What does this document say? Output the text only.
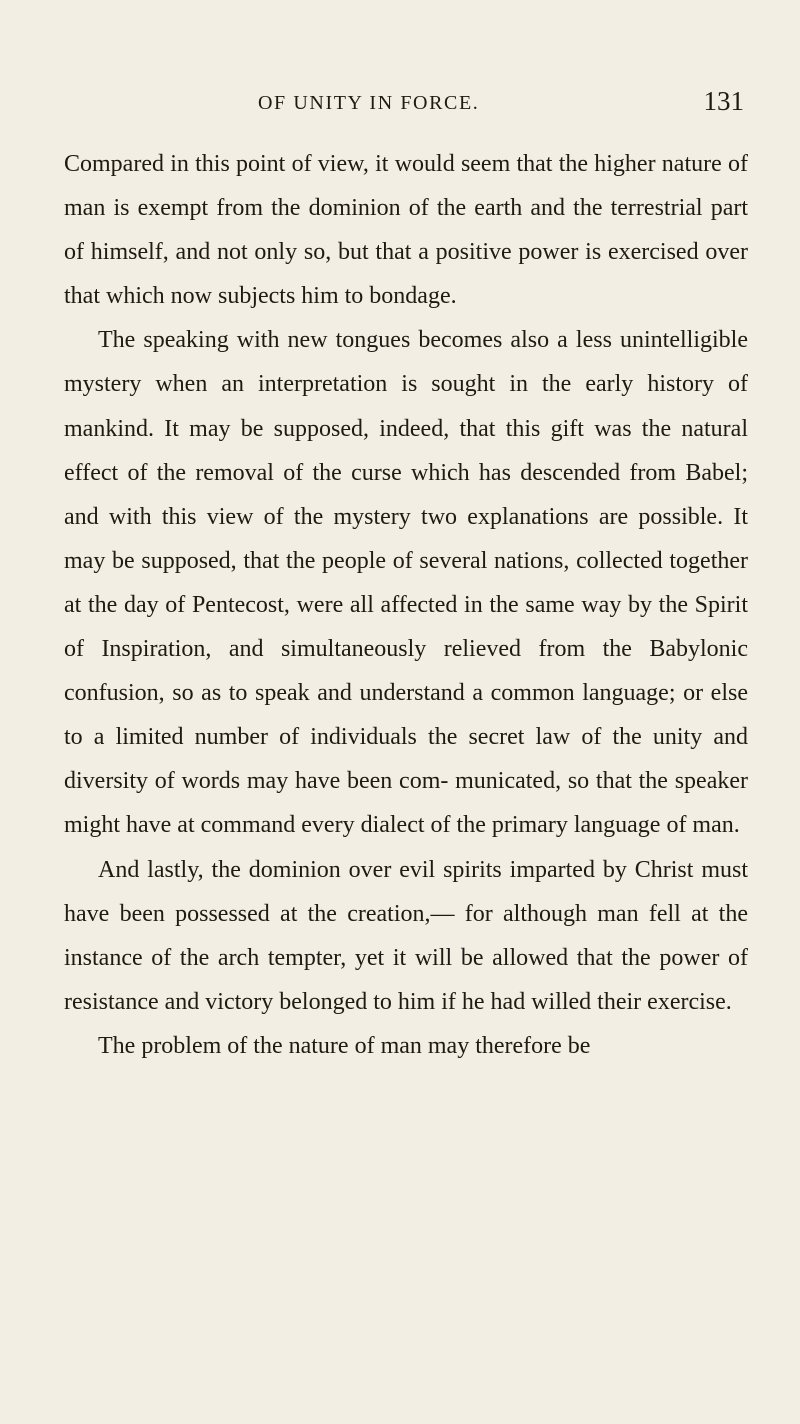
OF UNITY IN FORCE.	131

Compared in this point of view, it would seem that the higher nature of man is exempt from the dominion of the earth and the terrestrial part of himself, and not only so, but that a positive power is exercised over that which now subjects him to bondage.

The speaking with new tongues becomes also a less unintelligible mystery when an interpretation is sought in the early history of mankind. It may be supposed, indeed, that this gift was the natural effect of the removal of the curse which has descended from Babel; and with this view of the mystery two explanations are possible. It may be supposed, that the people of several nations, collected together at the day of Pentecost, were all affected in the same way by the Spirit of Inspiration, and simultaneously relieved from the Babylonic confusion, so as to speak and understand a common language; or else to a limited number of individuals the secret law of the unity and diversity of words may have been com- municated, so that the speaker might have at command every dialect of the primary language of man.

And lastly, the dominion over evil spirits imparted by Christ must have been possessed at the creation,— for although man fell at the instance of the arch tempter, yet it will be allowed that the power of resistance and victory belonged to him if he had willed their exercise.

The problem of the nature of man may therefore be
